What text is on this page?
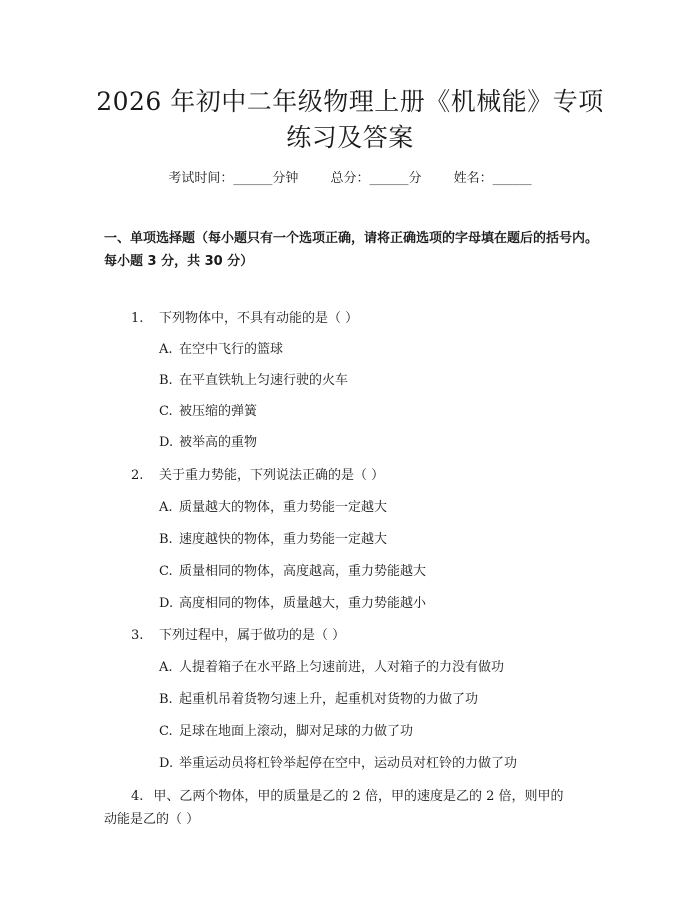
2026 年初中二年级物理上册《机械能》专项
练习及答案
考试时间：______分钟 总分：______分 姓名：______
一、单项选择题（每小题只有一个选项正确，请将正确选项的字母填在题后的括号内。每小题 3 分，共 30 分）
1. 下列物体中，不具有动能的是（ ）
A. 在空中飞行的篮球
B. 在平直铁轨上匀速行驶的火车
C. 被压缩的弹簧
D. 被举高的重物
2. 关于重力势能，下列说法正确的是（ ）
A. 质量越大的物体，重力势能一定越大
B. 速度越快的物体，重力势能一定越大
C. 质量相同的物体，高度越高，重力势能越大
D. 高度相同的物体，质量越大，重力势能越小
3. 下列过程中，属于做功的是（ ）
A. 人提着箱子在水平路上匀速前进，人对箱子的力没有做功
B. 起重机吊着货物匀速上升，起重机对货物的力做了功
C. 足球在地面上滚动，脚对足球的力做了功
D. 举重运动员将杠铃举起停在空中，运动员对杠铃的力做了功
4. 甲、乙两个物体，甲的质量是乙的 2 倍，甲的速度是乙的 2 倍，则甲的动能是乙的（ ）
